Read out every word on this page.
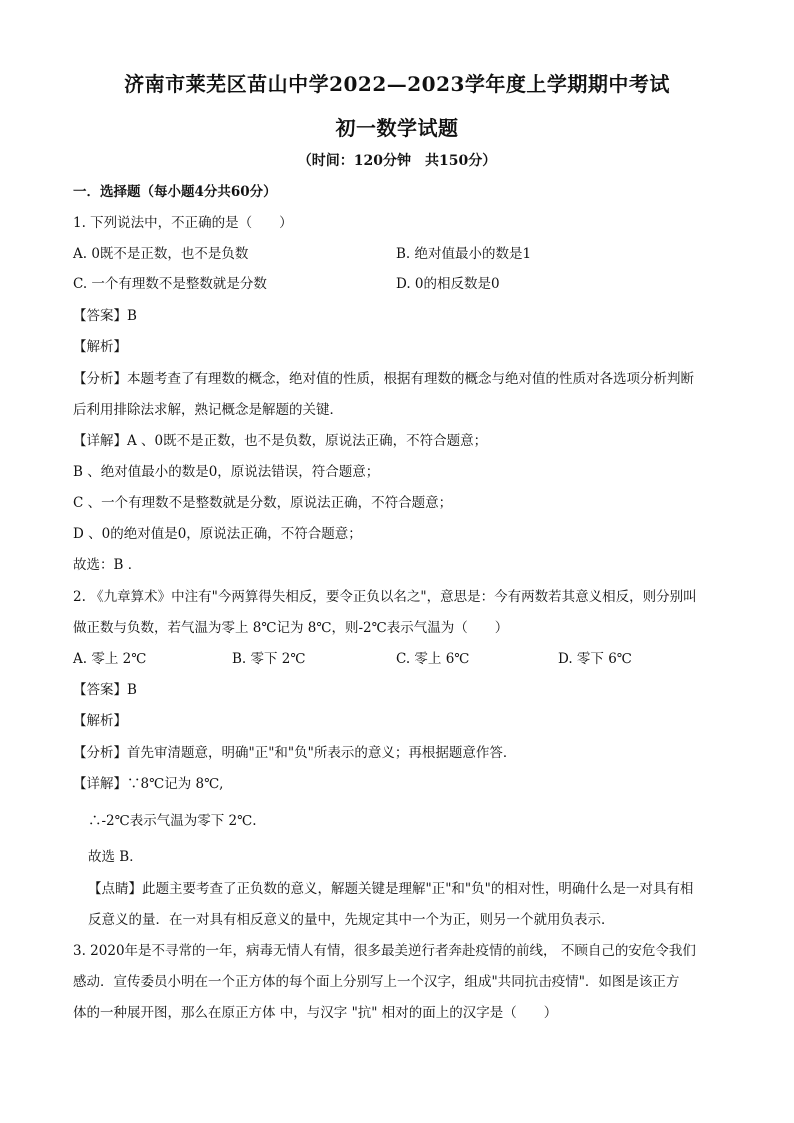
济南市莱芜区苗山中学2022—2023学年度上学期期中考试
初一数学试题
（时间：120分钟　共150分）
一．选择题（每小题4分共60分）
1. 下列说法中，不正确的是（　　）
A. 0既不是正数，也不是负数	B. 绝对值最小的数是1
C. 一个有理数不是整数就是分数	D. 0的相反数是0
【答案】B
【解析】
【分析】本题考查了有理数的概念，绝对值的性质，根据有理数的概念与绝对值的性质对各选项分析判断
后利用排除法求解，熟记概念是解题的关键．
【详解】A 、0既不是正数，也不是负数，原说法正确，不符合题意；
B 、绝对值最小的数是0，原说法错误，符合题意；
C 、一个有理数不是整数就是分数，原说法正确，不符合题意；
D 、0的绝对值是0，原说法正确，不符合题意；
故选：B ．
2. 《九章算术》中注有"今两算得失相反，要令正负以名之"，意思是：今有两数若其意义相反，则分别叫
做正数与负数，若气温为零上 8℃记为 8℃，则-2℃表示气温为（　　）
A. 零上 2℃	B. 零下 2℃	C. 零上 6℃	D. 零下 6℃
【答案】B
【解析】
【分析】首先审清题意，明确"正"和"负"所表示的意义；再根据题意作答．
【详解】∵8℃记为 8℃,
∴-2℃表示气温为零下 2℃.
故选 B．
【点睛】此题主要考查了正负数的意义，解题关键是理解"正"和"负"的相对性，明确什么是一对具有相
反意义的量．在一对具有相反意义的量中，先规定其中一个为正，则另一个就用负表示．
3. 2020年是不寻常的一年，病毒无情人有情，很多最美逆行者奔赴疫情的前线， 不顾自己的安危令我们
感动．宣传委员小明在一个正方体的每个面上分别写上一个汉字，组成"共同抗击疫情"．如图是该正方
体的一种展开图，那么在原正方体 中，与汉字 "抗" 相对的面上的汉字是（　　）
